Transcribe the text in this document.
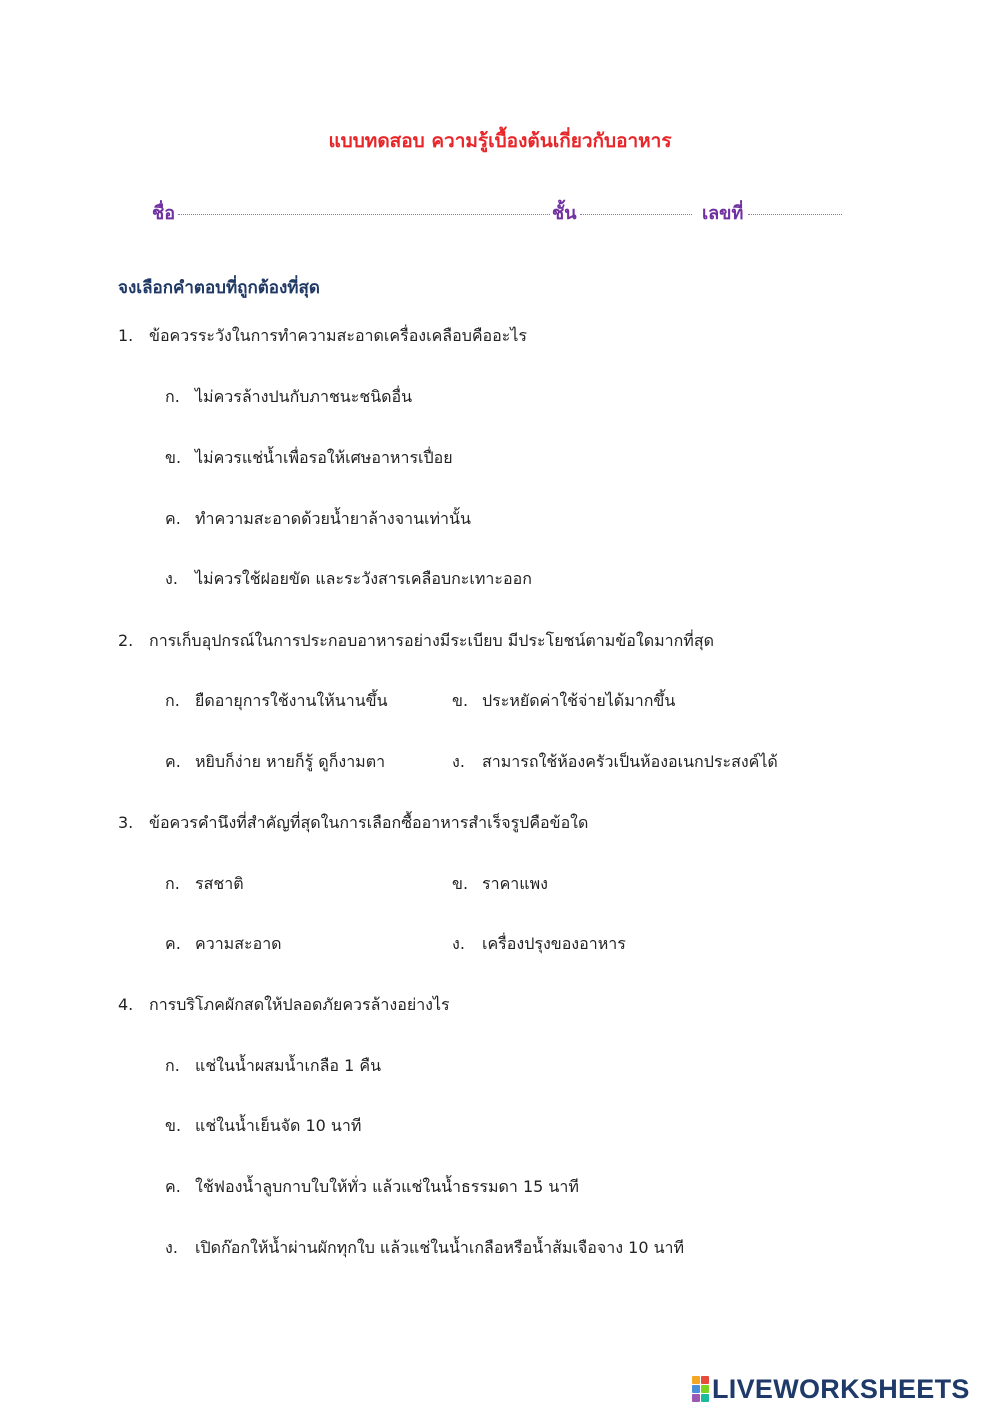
แบบทดสอบ ความรู้เบื้องต้นเกี่ยวกับอาหาร
ชื่อ	ชั้น	เลขที่
จงเลือกคำตอบที่ถูกต้องที่สุด
1. ข้อควรระวังในการทำความสะอาดเครื่องเคลือบคืออะไร
ก. ไม่ควรล้างปนกับภาชนะชนิดอื่น
ข. ไม่ควรแช่น้ำเพื่อรอให้เศษอาหารเปื่อย
ค. ทำความสะอาดด้วยน้ำยาล้างจานเท่านั้น
ง. ไม่ควรใช้ฝอยขัด และระวังสารเคลือบกะเทาะออก
2. การเก็บอุปกรณ์ในการประกอบอาหารอย่างมีระเบียบ มีประโยชน์ตามข้อใดมากที่สุด
ก. ยืดอายุการใช้งานให้นานขึ้น	ข. ประหยัดค่าใช้จ่ายได้มากขึ้น
ค. หยิบก็ง่าย หายก็รู้ ดูก็งามตา	ง. สามารถใช้ห้องครัวเป็นห้องอเนกประสงค์ได้
3. ข้อควรคำนึงที่สำคัญที่สุดในการเลือกซื้ออาหารสำเร็จรูปคือข้อใด
ก. รสชาติ	ข. ราคาแพง
ค. ความสะอาด	ง. เครื่องปรุงของอาหาร
4. การบริโภคผักสดให้ปลอดภัยควรล้างอย่างไร
ก. แช่ในน้ำผสมน้ำเกลือ 1 คืน
ข. แช่ในน้ำเย็นจัด 10 นาที
ค. ใช้ฟองน้ำลูบกาบใบให้ทั่ว แล้วแช่ในน้ำธรรมดา 15 นาที
ง. เปิดก๊อกให้น้ำผ่านผักทุกใบ แล้วแช่ในน้ำเกลือหรือน้ำส้มเจือจาง 10 นาที
LIVEWORKSHEETS
